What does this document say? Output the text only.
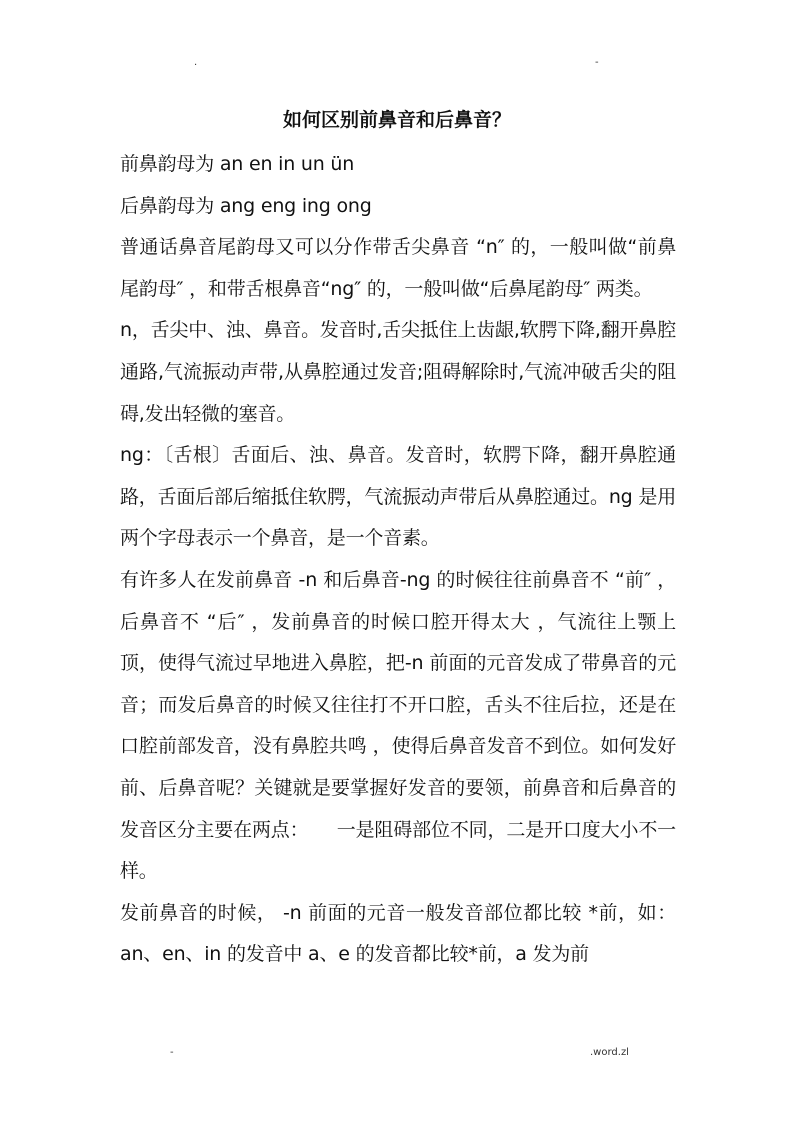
.	-
如何区别前鼻音和后鼻音？

前鼻韵母为 an en in un ün

后鼻韵母为 ang eng ing ong

普通话鼻音尾韵母又可以分作带舌尖鼻音 “n″ 的，一般叫做“前鼻尾韵母″ ，和带舌根鼻音“ng″ 的，一般叫做“后鼻尾韵母″ 两类。

n，舌尖中、浊、鼻音。发音时,舌尖抵住上齿龈,软腭下降,翻开鼻腔通路,气流振动声带,从鼻腔通过发音;阻碍解除时,气流冲破舌尖的阻碍,发出轻微的塞音。

ng：〔舌根〕舌面后、浊、鼻音。发音时，软腭下降，翻开鼻腔通路，舌面后部后缩抵住软腭，气流振动声带后从鼻腔通过。ng 是用两个字母表示一个鼻音，是一个音素。

有许多人在发前鼻音 -n 和后鼻音-ng 的时候往往前鼻音不 “前″ ，后鼻音不 “后″ ，发前鼻音的时候口腔开得太大 ，气流往上颚上顶，使得气流过早地进入鼻腔，把-n 前面的元音发成了带鼻音的元音；而发后鼻音的时候又往往打不开口腔，舌头不往后拉，还是在口腔前部发音，没有鼻腔共鸣 ，使得后鼻音发音不到位。如何发好前、后鼻音呢？关键就是要掌握好发音的要领，前鼻音和后鼻音的发音区分主要在两点：　　一是阻碍部位不同，二是开口度大小不一样。

发前鼻音的时候， -n 前面的元音一般发音部位都比较 *前，如：an、en、in 的发音中 a、e 的发音都比较*前，a 发为前

-	.word.zl
